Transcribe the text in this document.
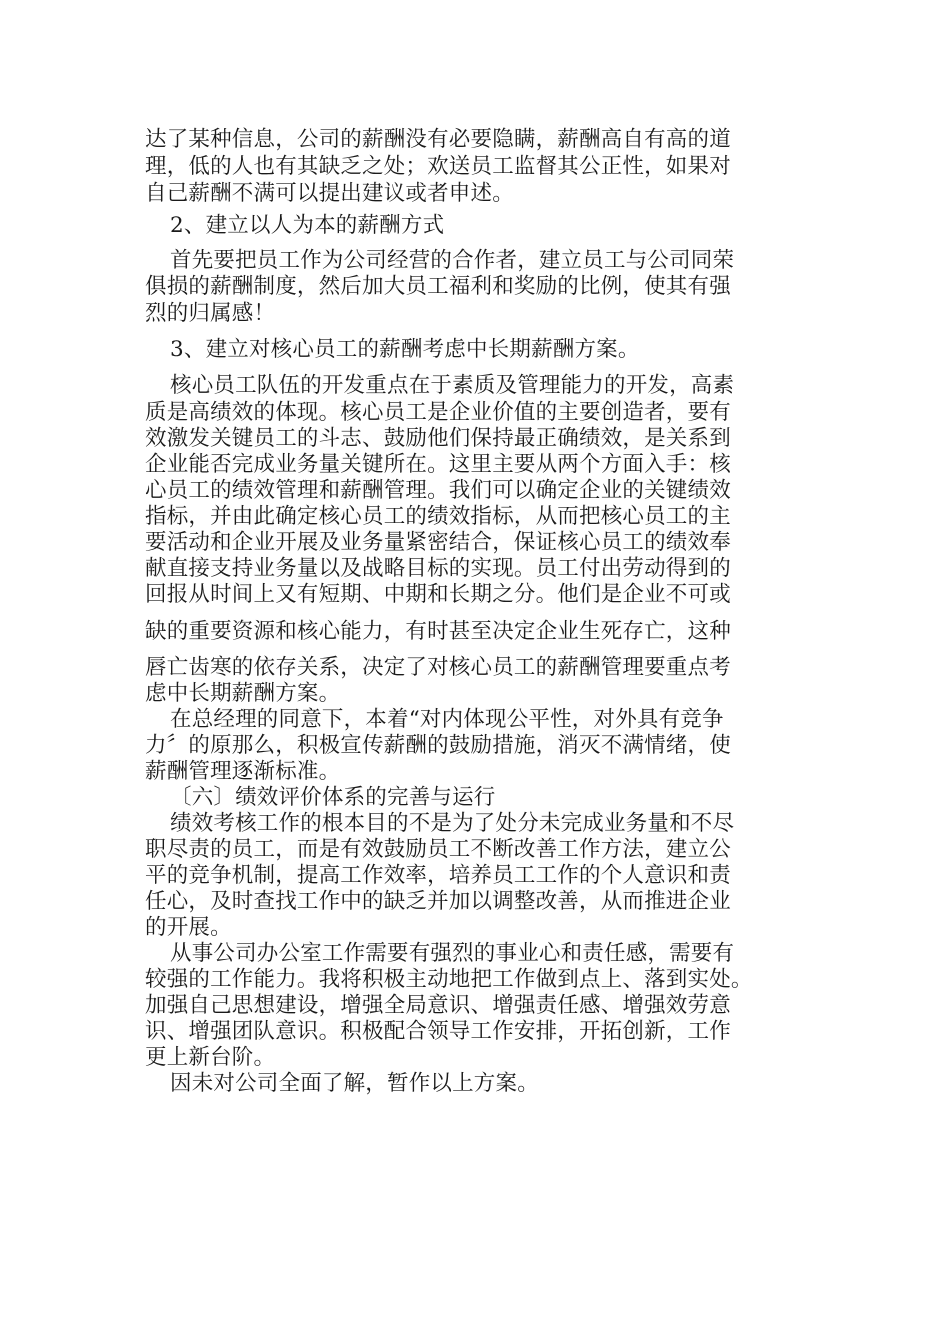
达了某种信息，公司的薪酬没有必要隐瞒，薪酬高自有高的道
理，低的人也有其缺乏之处；欢送员工监督其公正性，如果对
自己薪酬不满可以提出建议或者申述。
2、建立以人为本的薪酬方式
首先要把员工作为公司经营的合作者，建立员工与公司同荣
俱损的薪酬制度，然后加大员工福利和奖励的比例，使其有强
烈的归属感！
3、建立对核心员工的薪酬考虑中长期薪酬方案。
核心员工队伍的开发重点在于素质及管理能力的开发，高素
质是高绩效的体现。核心员工是企业价值的主要创造者，要有
效激发关键员工的斗志、鼓励他们保持最正确绩效，是关系到
企业能否完成业务量关键所在。这里主要从两个方面入手：核
心员工的绩效管理和薪酬管理。我们可以确定企业的关键绩效
指标，并由此确定核心员工的绩效指标，从而把核心员工的主
要活动和企业开展及业务量紧密结合，保证核心员工的绩效奉
献直接支持业务量以及战略目标的实现。员工付出劳动得到的
回报从时间上又有短期、中期和长期之分。他们是企业不可或
缺的重要资源和核心能力，有时甚至决定企业生死存亡，这种
唇亡齿寒的依存关系，决定了对核心员工的薪酬管理要重点考
虑中长期薪酬方案。
在总经理的同意下，本着“对内体现公平性，对外具有竞争
力〞的原那么，积极宣传薪酬的鼓励措施，消灭不满情绪，使
薪酬管理逐渐标准。
〔六〕绩效评价体系的完善与运行
绩效考核工作的根本目的不是为了处分未完成业务量和不尽
职尽责的员工，而是有效鼓励员工不断改善工作方法，建立公
平的竞争机制，提高工作效率，培养员工工作的个人意识和责
任心，及时查找工作中的缺乏并加以调整改善，从而推进企业
的开展。
从事公司办公室工作需要有强烈的事业心和责任感，需要有
较强的工作能力。我将积极主动地把工作做到点上、落到实处。
加强自己思想建设，增强全局意识、增强责任感、增强效劳意
识、增强团队意识。积极配合领导工作安排，开拓创新，工作
更上新台阶。
因未对公司全面了解，暂作以上方案。
